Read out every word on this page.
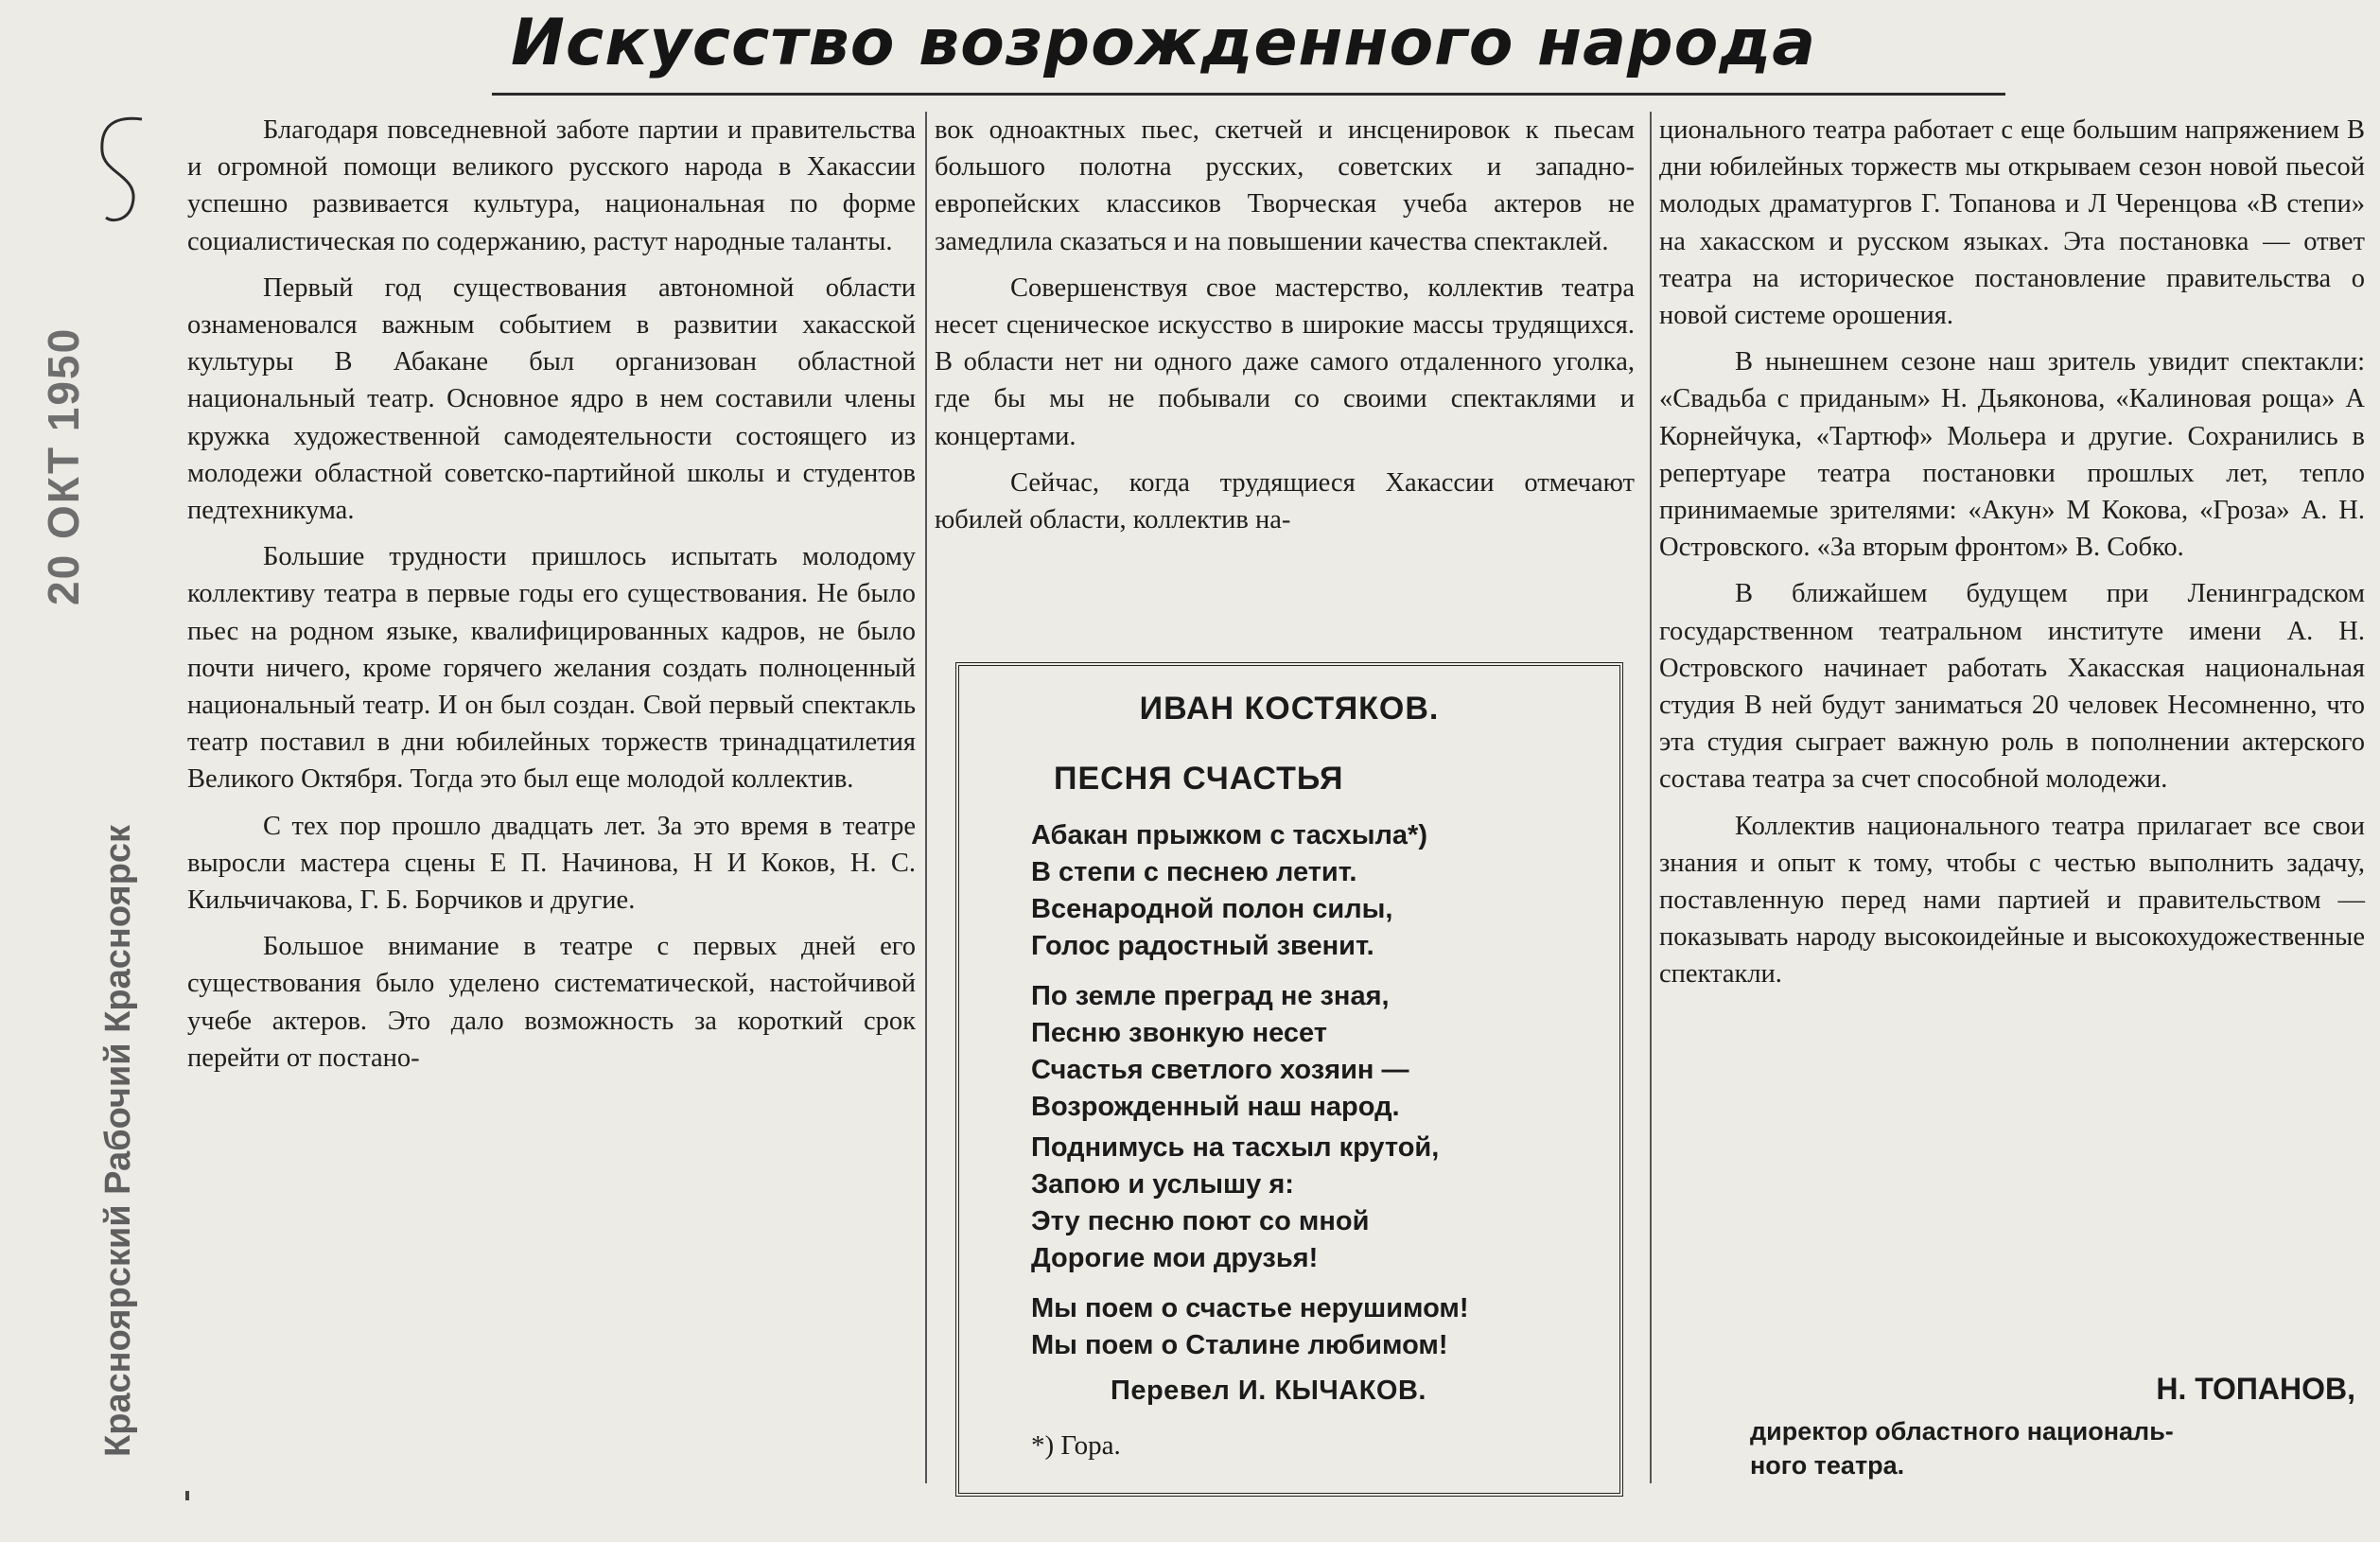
Искусство возрожденного народа
20 ОКТ 1950
Красноярский Рабочий Красноярск

Благодаря повседневной заботе партии и правительства и огромной помощи великого русского народа в Хакассии успешно развивается культура, национальная по форме социалистическая по содержанию, растут народные таланты.

Первый год существования автономной области ознаменовался важным событием в развитии хакасской культуры В Абакане был организован областной национальный театр. Основное ядро в нем составили члены кружка художественной самодеятельности состоящего из молодежи областной советско-партийной школы и студентов педтехникума.

Большие трудности пришлось испытать молодому коллективу театра в первые годы его существования. Не было пьес на родном языке, квалифицированных кадров, не было почти ничего, кроме горячего желания создать полноценный национальный театр. И он был создан. Свой первый спектакль театр поставил в дни юбилейных торжеств тринадцатилетия Великого Октября. Тогда это был еще молодой коллектив.

С тех пор прошло двадцать лет. За это время в театре выросли мастера сцены Е П. Начинова, Н И Коков, Н. С. Кильчичакова, Г. Б. Борчиков и другие.

Большое внимание в театре с первых дней его существования было уделено систематической, настойчивой учебе актеров. Это дало возможность за короткий срок перейти от постано-

вок одноактных пьес, скетчей и инсценировок к пьесам большого полотна русских, советских и западно-европейских классиков Творческая учеба актеров не замедлила сказаться и на повышении качества спектаклей.

Совершенствуя свое мастерство, коллектив театра несет сценическое искусство в широкие массы трудящихся. В области нет ни одного даже самого отдаленного уголка, где бы мы не побывали со своими спектаклями и концертами.

Сейчас, когда трудящиеся Хакассии отмечают юбилей области, коллектив на-

ИВАН КОСТЯКОВ.
ПЕСНЯ СЧАСТЬЯ
Абакан прыжком с тасхыла*)
В степи с песнею летит.
Всенародной полон силы,
Голос радостный звенит.
По земле преград не зная,
Песню звонкую несет
Счастья светлого хозяин —
Возрожденный наш народ.
Поднимусь на тасхыл крутой,
Запою и услышу я:
Эту песню поют со мной
Дорогие мои друзья!
Мы поем о счастье нерушимом!
Мы поем о Сталине любимом!
Перевел И. КЫЧАКОВ.
*) Гора.

ционального театра работает с еще большим напряжением В дни юбилейных торжеств мы открываем сезон новой пьесой молодых драматургов Г. Топанова и Л Черенцова «В степи» на хакасском и русском языках. Эта постановка — ответ театра на историческое постановление правительства о новой системе орошения.

В нынешнем сезоне наш зритель увидит спектакли: «Свадьба с приданым» Н. Дьяконова, «Калиновая роща» А Корнейчука, «Тартюф» Мольера и другие. Сохранились в репертуаре театра постановки прошлых лет, тепло принимаемые зрителями: «Акун» М Кокова, «Гроза» А. Н. Островского. «За вторым фронтом» В. Собко.

В ближайшем будущем при Ленинградском государственном театральном институте имени А. Н. Островского начинает работать Хакасская национальная студия В ней будут заниматься 20 человек Несомненно, что эта студия сыграет важную роль в пополнении актерского состава театра за счет способной молодежи.

Коллектив национального театра прилагает все свои знания и опыт к тому, чтобы с честью выполнить задачу, поставленную перед нами партией и правительством — показывать народу высокоидейные и высокохудожественные спектакли.

Н. ТОПАНОВ,
директор областного националь-
ного театра.
